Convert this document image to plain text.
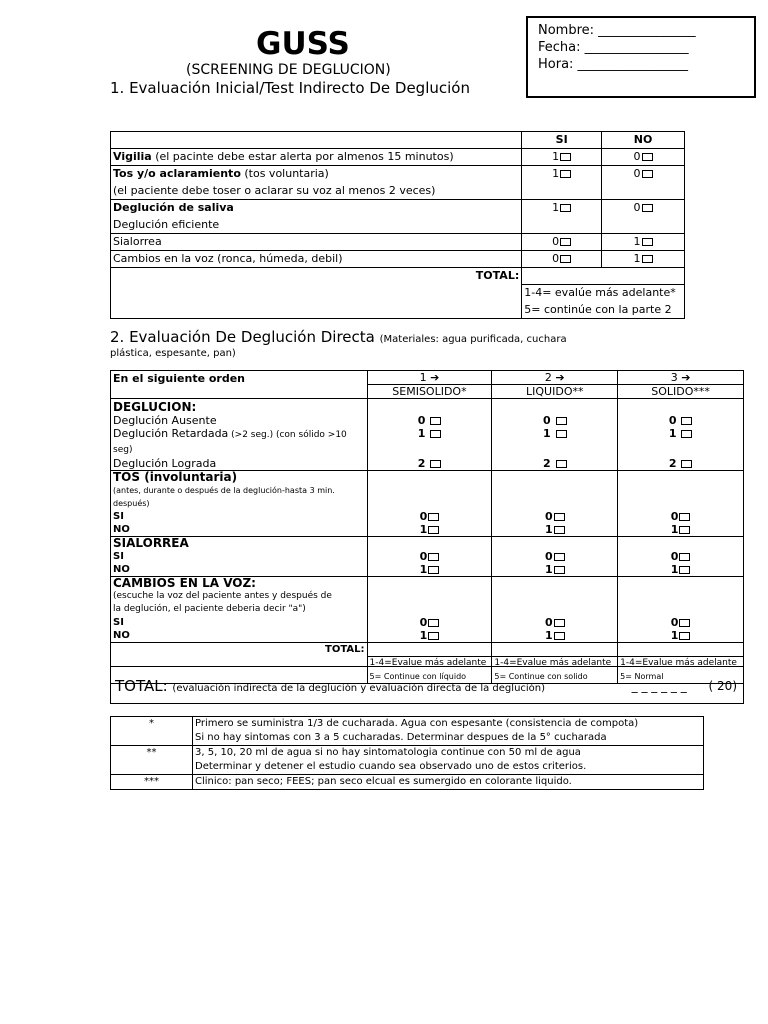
GUSS
(SCREENING DE DEGLUCION)
1. Evaluación Inicial/Test Indirecto De Deglución
Nombre: _______________
Fecha: ________________
Hora: _________________
	SI	NO
Vigilia (el pacinte debe estar alerta por almenos 15 minutos)	1	0
Tos y/o aclaramiento (tos voluntaria)	1	0
(el paciente debe toser o aclarar su voz al menos 2 veces)		
Deglución de saliva	1	0
Deglución eficiente		
Sialorrea	0	1
Cambios en la voz (ronca, húmeda, debil)	0	1
TOTAL:		
	1-4= evalúe más adelante*	
	5= continúe con la parte 2	
2. Evaluación De Deglución Directa (Materiales: agua purificada, cuchara
plástica, espesante, pan)
En el siguiente orden	1 ➔	2 ➔	3 ➔
	SEMISOLIDO*	LIQUIDO**	SOLIDO***
DEGLUCION:			
Deglución Ausente	0	0	0
Deglución Retardada (>2 seg.) (con sólido >10 seg)	1	1	1
Deglución Lograda	2	2	2
TOS (involuntaria)			
(antes, durante o después de la deglución-hasta 3 min.			
después)			
SI	0	0	0
NO	1	1	1
SIALORREA			
SI	0	0	0
NO	1	1	1
CAMBIOS EN LA VOZ:			
(escuche la voz del paciente antes y después de			
la deglución, el paciente deberia decir "a")			
SI	0	0	0
NO	1	1	1
TOTAL:			
	1-4=Evalue más adelante	1-4=Evalue más adelante	1-4=Evalue más adelante
	5= Continue con líquido	5= Continue con solido	5= Normal
TOTAL: (evaluación indirecta de la deglución y evaluación directa de la deglución)	_ _ _ _ _ _ ( 20)
*	Primero se suministra 1/3 de cucharada. Agua con espesante (consistencia de compota)
	Si no hay sintomas con 3 a 5 cucharadas. Determinar despues de la 5° cucharada
**	3, 5, 10, 20 ml de agua si no hay sintomatologia continue con 50 ml de agua
	Determinar y detener el estudio cuando sea observado uno de estos criterios.
***	Clinico: pan seco; FEES; pan seco elcual es sumergido en colorante liquido.
